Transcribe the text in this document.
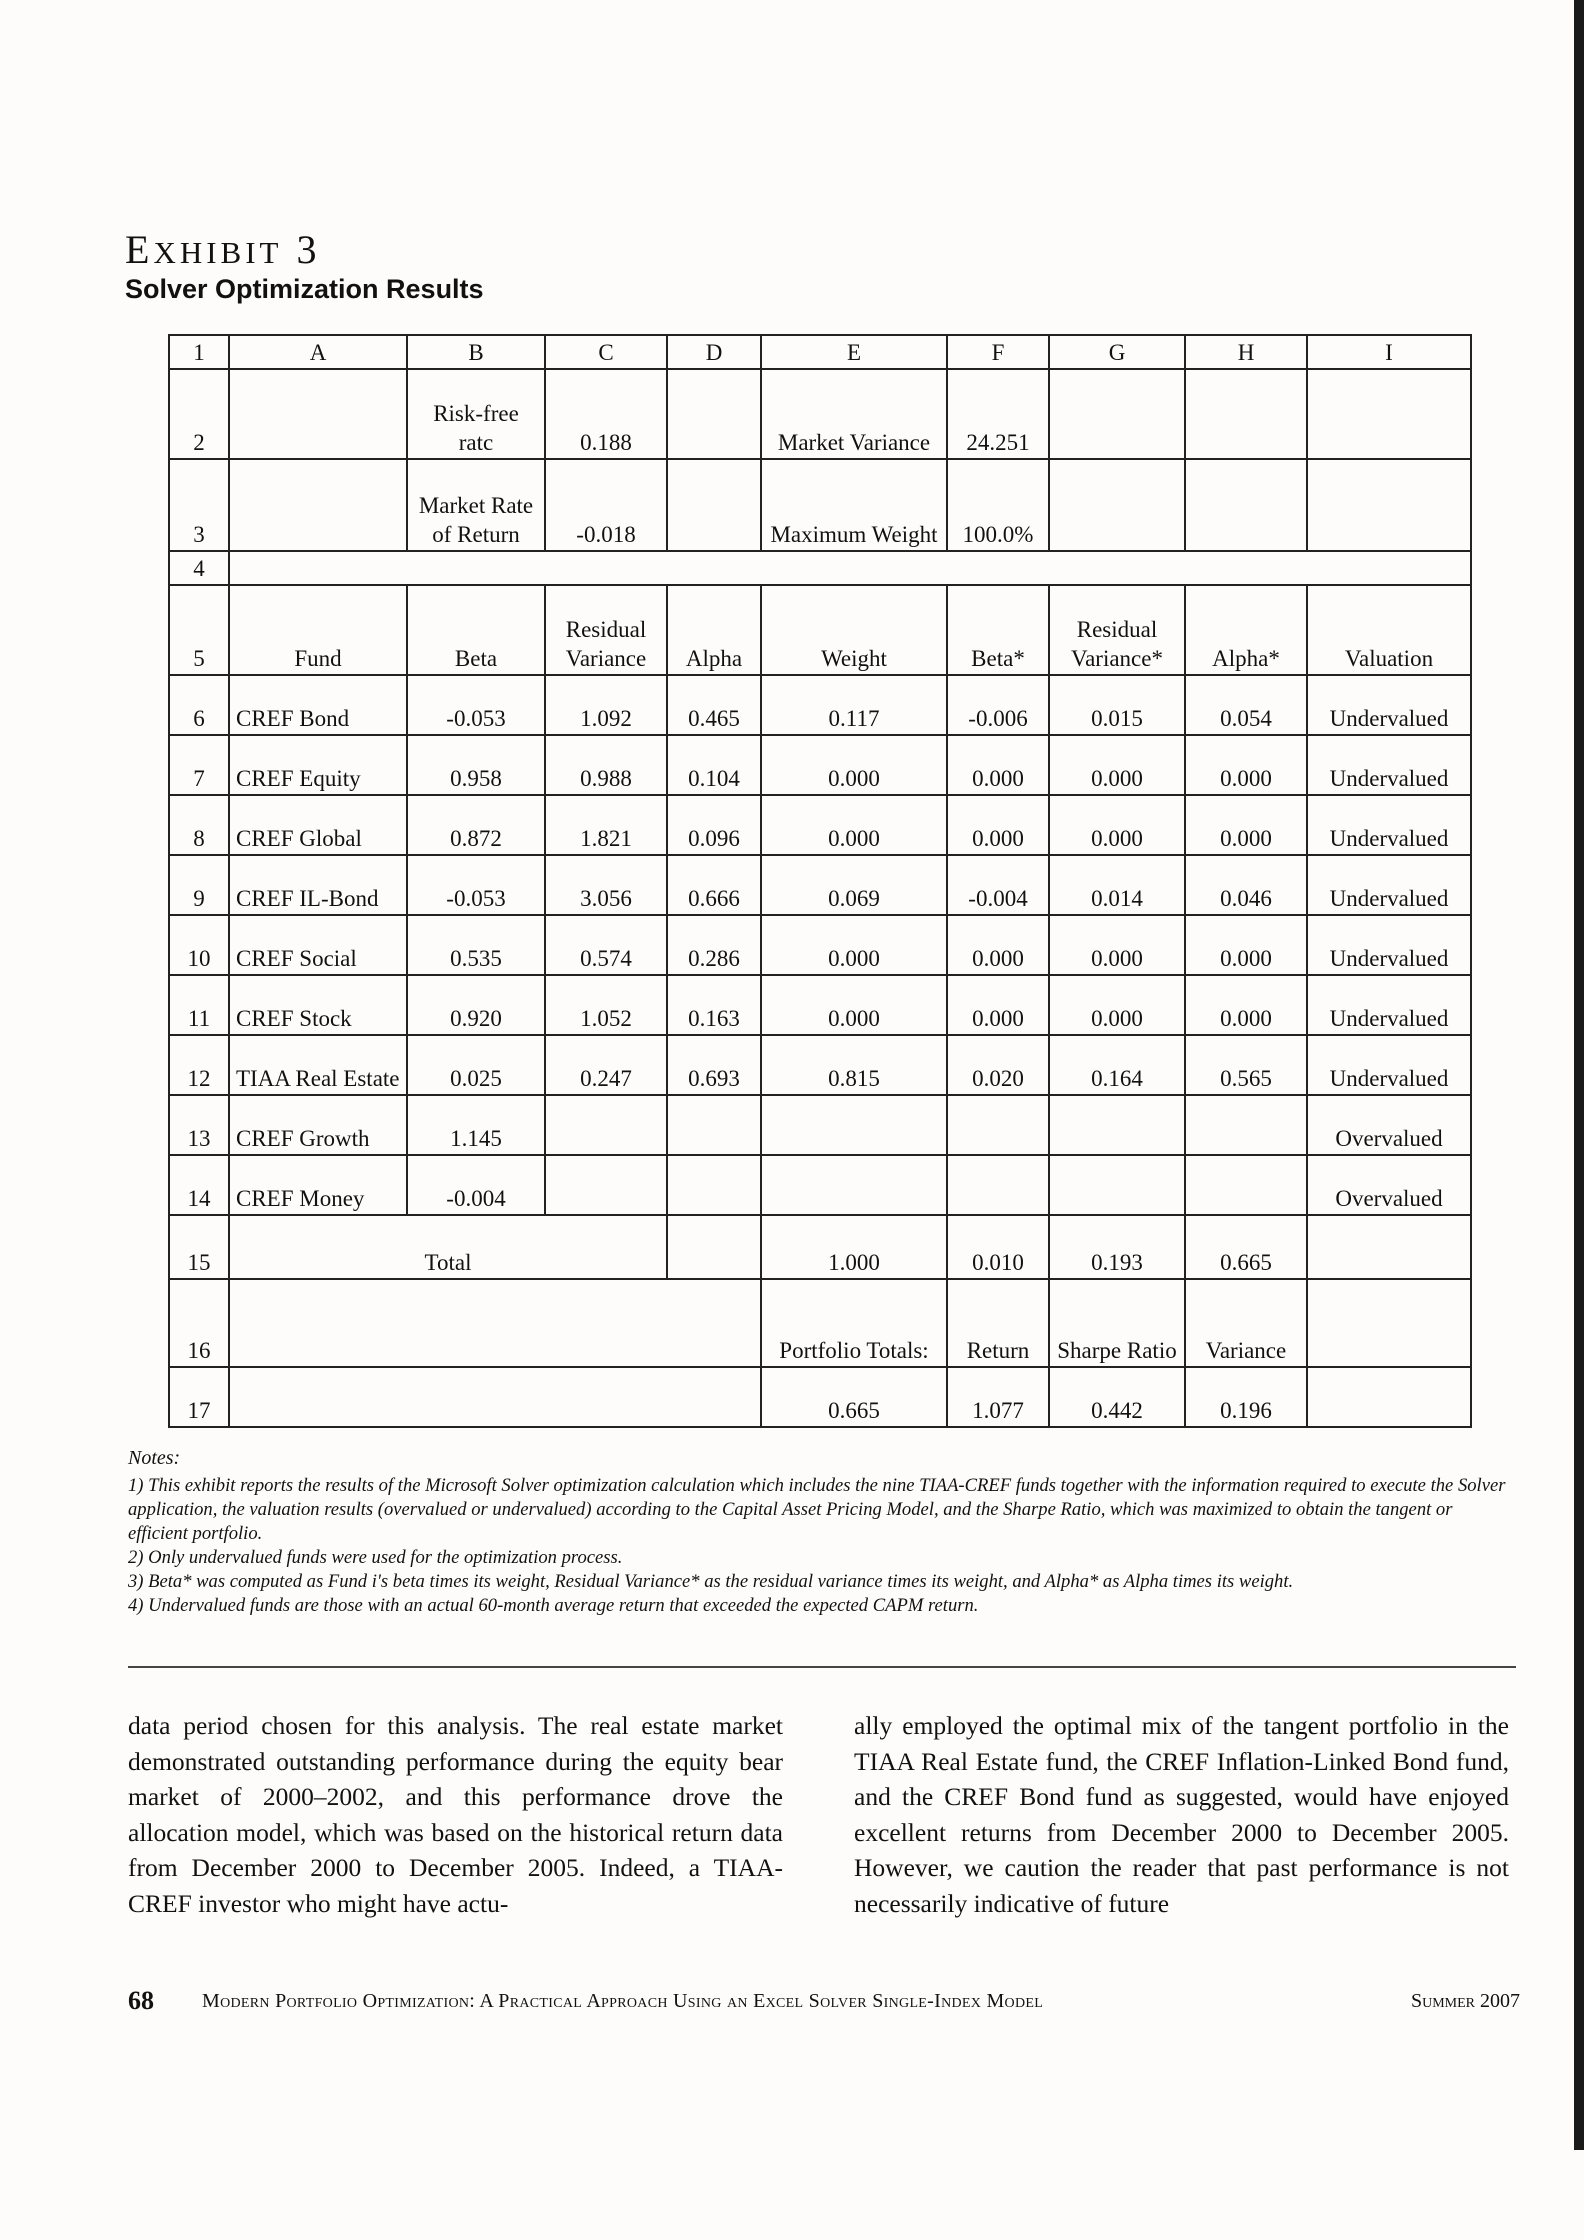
EXHIBIT 3
Solver Optimization Results
1	A	B	C	D	E	F	G	H	I
2		Risk-free ratc	0.188		Market Variance	24.251			
3		Market Rate of Return	-0.018		Maximum Weight	100.0%			
4									
5	Fund	Beta	Residual Variance	Alpha	Weight	Beta*	Residual Variance*	Alpha*	Valuation
6	CREF Bond	-0.053	1.092	0.465	0.117	-0.006	0.015	0.054	Undervalued
7	CREF Equity	0.958	0.988	0.104	0.000	0.000	0.000	0.000	Undervalued
8	CREF Global	0.872	1.821	0.096	0.000	0.000	0.000	0.000	Undervalued
9	CREF IL-Bond	-0.053	3.056	0.666	0.069	-0.004	0.014	0.046	Undervalued
10	CREF Social	0.535	0.574	0.286	0.000	0.000	0.000	0.000	Undervalued
11	CREF Stock	0.920	1.052	0.163	0.000	0.000	0.000	0.000	Undervalued
12	TIAA Real Estate	0.025	0.247	0.693	0.815	0.020	0.164	0.565	Undervalued
13	CREF Growth	1.145							Overvalued
14	CREF Money	-0.004							Overvalued
15	Total				1.000	0.010	0.193	0.665	
16					Portfolio Totals:	Return	Sharpe Ratio	Variance	
17					0.665	1.077	0.442	0.196	

Notes:

1) This exhibit reports the results of the Microsoft Solver optimization calculation which includes the nine TIAA-CREF funds together with the information required to execute the Solver application, the valuation results (overvalued or undervalued) according to the Capital Asset Pricing Model, and the Sharpe Ratio, which was maximized to obtain the tangent or efficient portfolio.

2) Only undervalued funds were used for the optimization process.

3) Beta* was computed as Fund i's beta times its weight, Residual Variance* as the residual variance times its weight, and Alpha* as Alpha times its weight.

4) Undervalued funds are those with an actual 60-month average return that exceeded the expected CAPM return.

data period chosen for this analysis. The real estate market demonstrated outstanding performance during the equity bear market of 2000–2002, and this performance drove the allocation model, which was based on the historical return data from December 2000 to December 2005. Indeed, a TIAA-CREF investor who might have actu-

ally employed the optimal mix of the tangent portfolio in the TIAA Real Estate fund, the CREF Inflation-Linked Bond fund, and the CREF Bond fund as suggested, would have enjoyed excellent returns from December 2000 to December 2005. However, we caution the reader that past performance is not necessarily indicative of future

68 Modern Portfolio Optimization: A Practical Approach Using an Excel Solver Single-Index Model	Summer 2007
